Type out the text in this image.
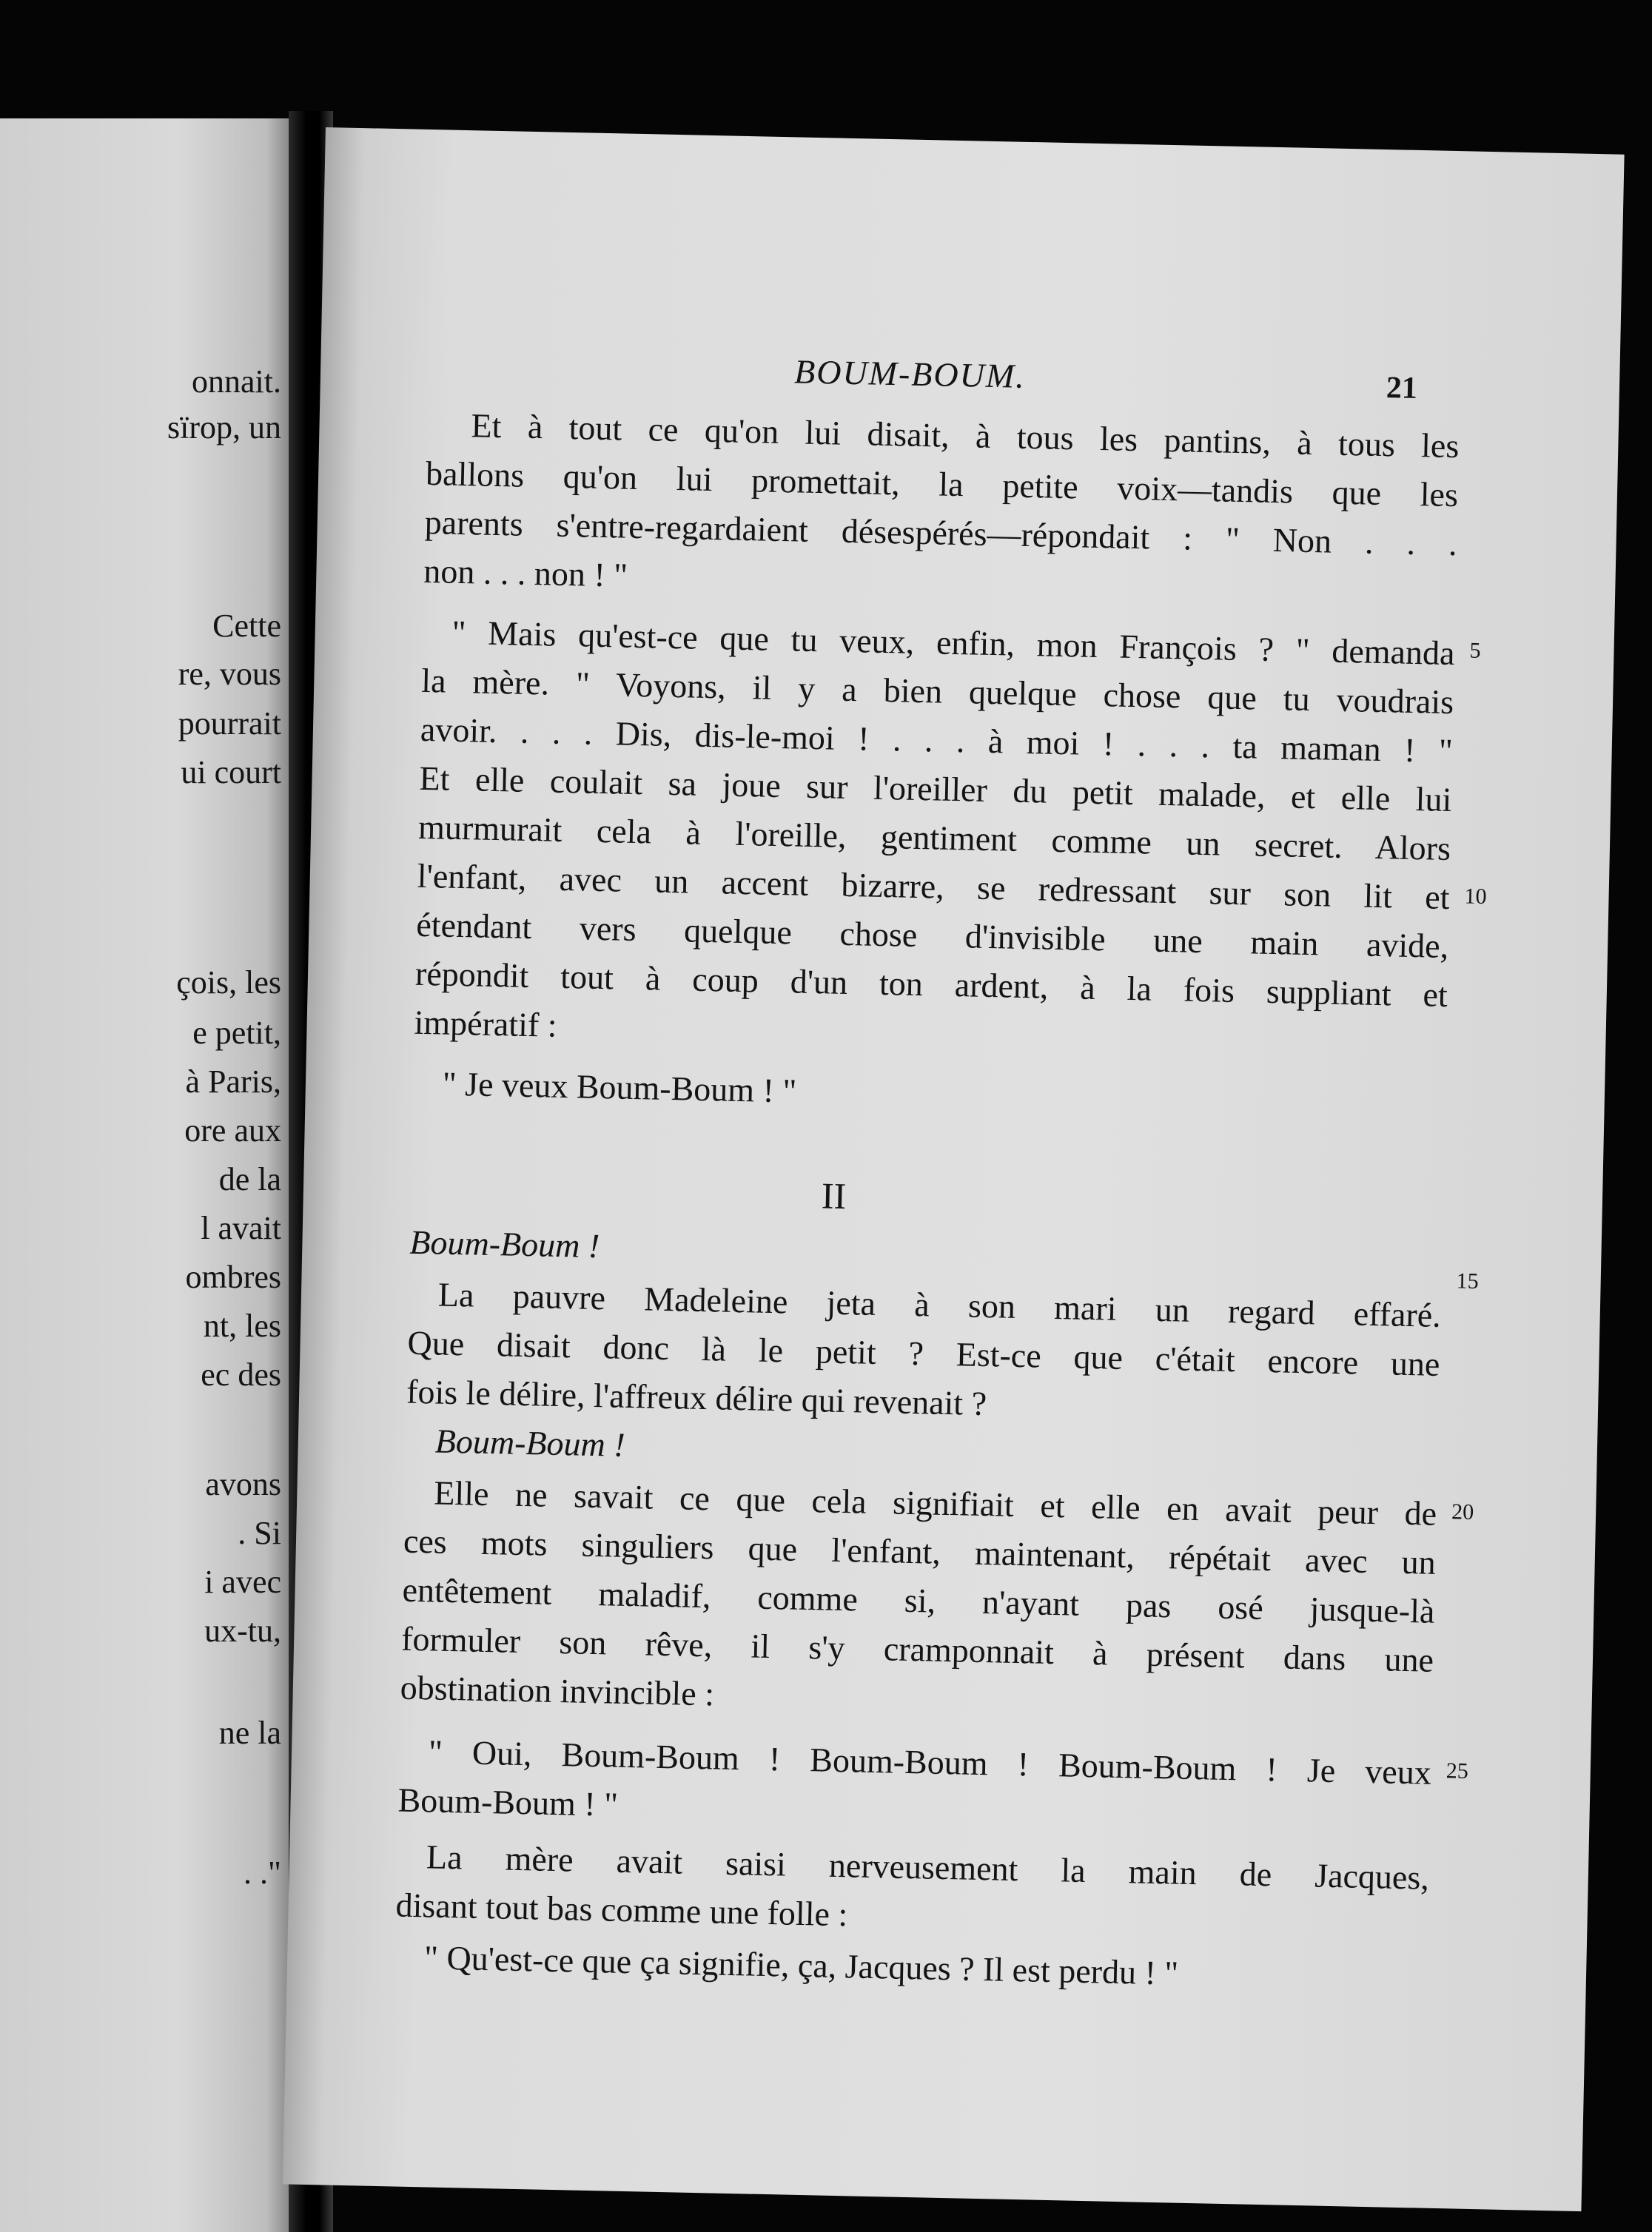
onnait.
sïrop, un
Cette
re, vous
pourrait
ui court
çois, les
e petit,
à Paris,
ore aux
de la
l avait
ombres
nt, les
ec des
avons
. Si
i avec
ux-tu,
ne la
. ."
BOUM-BOUM.	21
Et à tout ce qu'on lui disait, à tous les pantins, à tous les
ballons qu'on lui promettait, la petite voix—tandis que les
parents s'entre-regardaient désespérés—répondait : " Non . . .
non . . . non ! "
" Mais qu'est-ce que tu veux, enfin, mon François ? " demanda
la mère. " Voyons, il y a bien quelque chose que tu voudrais
avoir. . . . Dis, dis-le-moi ! . . . à moi ! . . . ta maman ! "
Et elle coulait sa joue sur l'oreiller du petit malade, et elle lui
murmurait cela à l'oreille, gentiment comme un secret. Alors
l'enfant, avec un accent bizarre, se redressant sur son lit et
étendant vers quelque chose d'invisible une main avide,
répondit tout à coup d'un ton ardent, à la fois suppliant et
impératif :
" Je veux Boum-Boum ! "
II
Boum-Boum !
La pauvre Madeleine jeta à son mari un regard effaré.
Que disait donc là le petit ? Est-ce que c'était encore une
fois le délire, l'affreux délire qui revenait ?
Boum-Boum !
Elle ne savait ce que cela signifiait et elle en avait peur de
ces mots singuliers que l'enfant, maintenant, répétait avec un
entêtement maladif, comme si, n'ayant pas osé jusque-là
formuler son rêve, il s'y cramponnait à présent dans une
obstination invincible :
" Oui, Boum-Boum ! Boum-Boum ! Boum-Boum ! Je veux
Boum-Boum ! "
La mère avait saisi nerveusement la main de Jacques,
disant tout bas comme une folle :
" Qu'est-ce que ça signifie, ça, Jacques ? Il est perdu ! "
5
10
15
20
25
